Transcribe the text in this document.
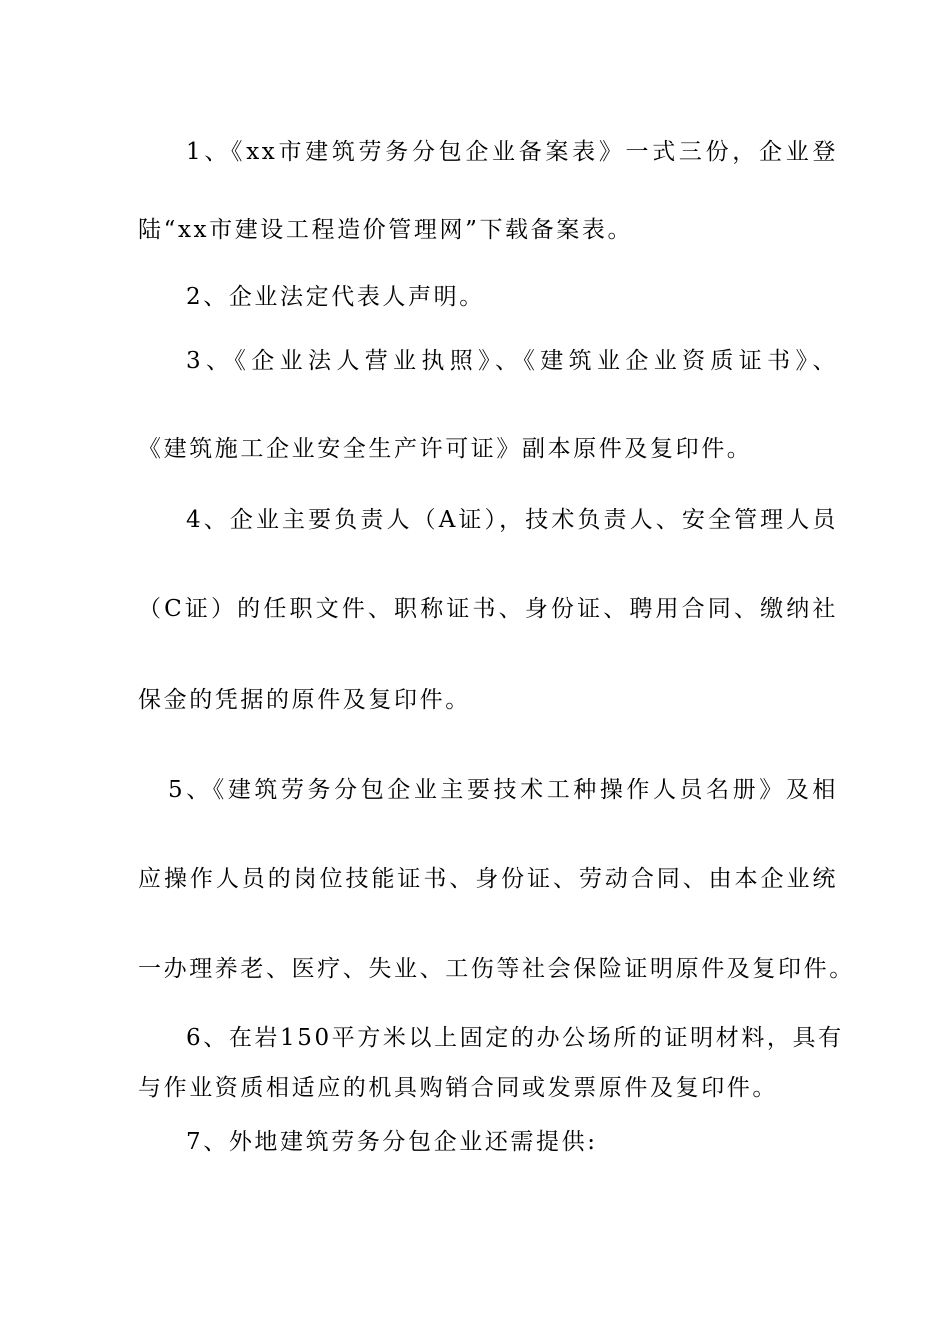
1、《xx市建筑劳务分包企业备案表》一式三份，企业登
陆“xx市建设工程造价管理网”下载备案表。
2、企业法定代表人声明。
3、《企业法人营业执照》、《建筑业企业资质证书》、
《建筑施工企业安全生产许可证》副本原件及复印件。
4、企业主要负责人（A证），技术负责人、安全管理人员
（C证）的任职文件、职称证书、身份证、聘用合同、缴纳社
保金的凭据的原件及复印件。
5、《建筑劳务分包企业主要技术工种操作人员名册》及相
应操作人员的岗位技能证书、身份证、劳动合同、由本企业统
一办理养老、医疗、失业、工伤等社会保险证明原件及复印件。
6、在岩150平方米以上固定的办公场所的证明材料，具有
与作业资质相适应的机具购销合同或发票原件及复印件。
7、外地建筑劳务分包企业还需提供:
